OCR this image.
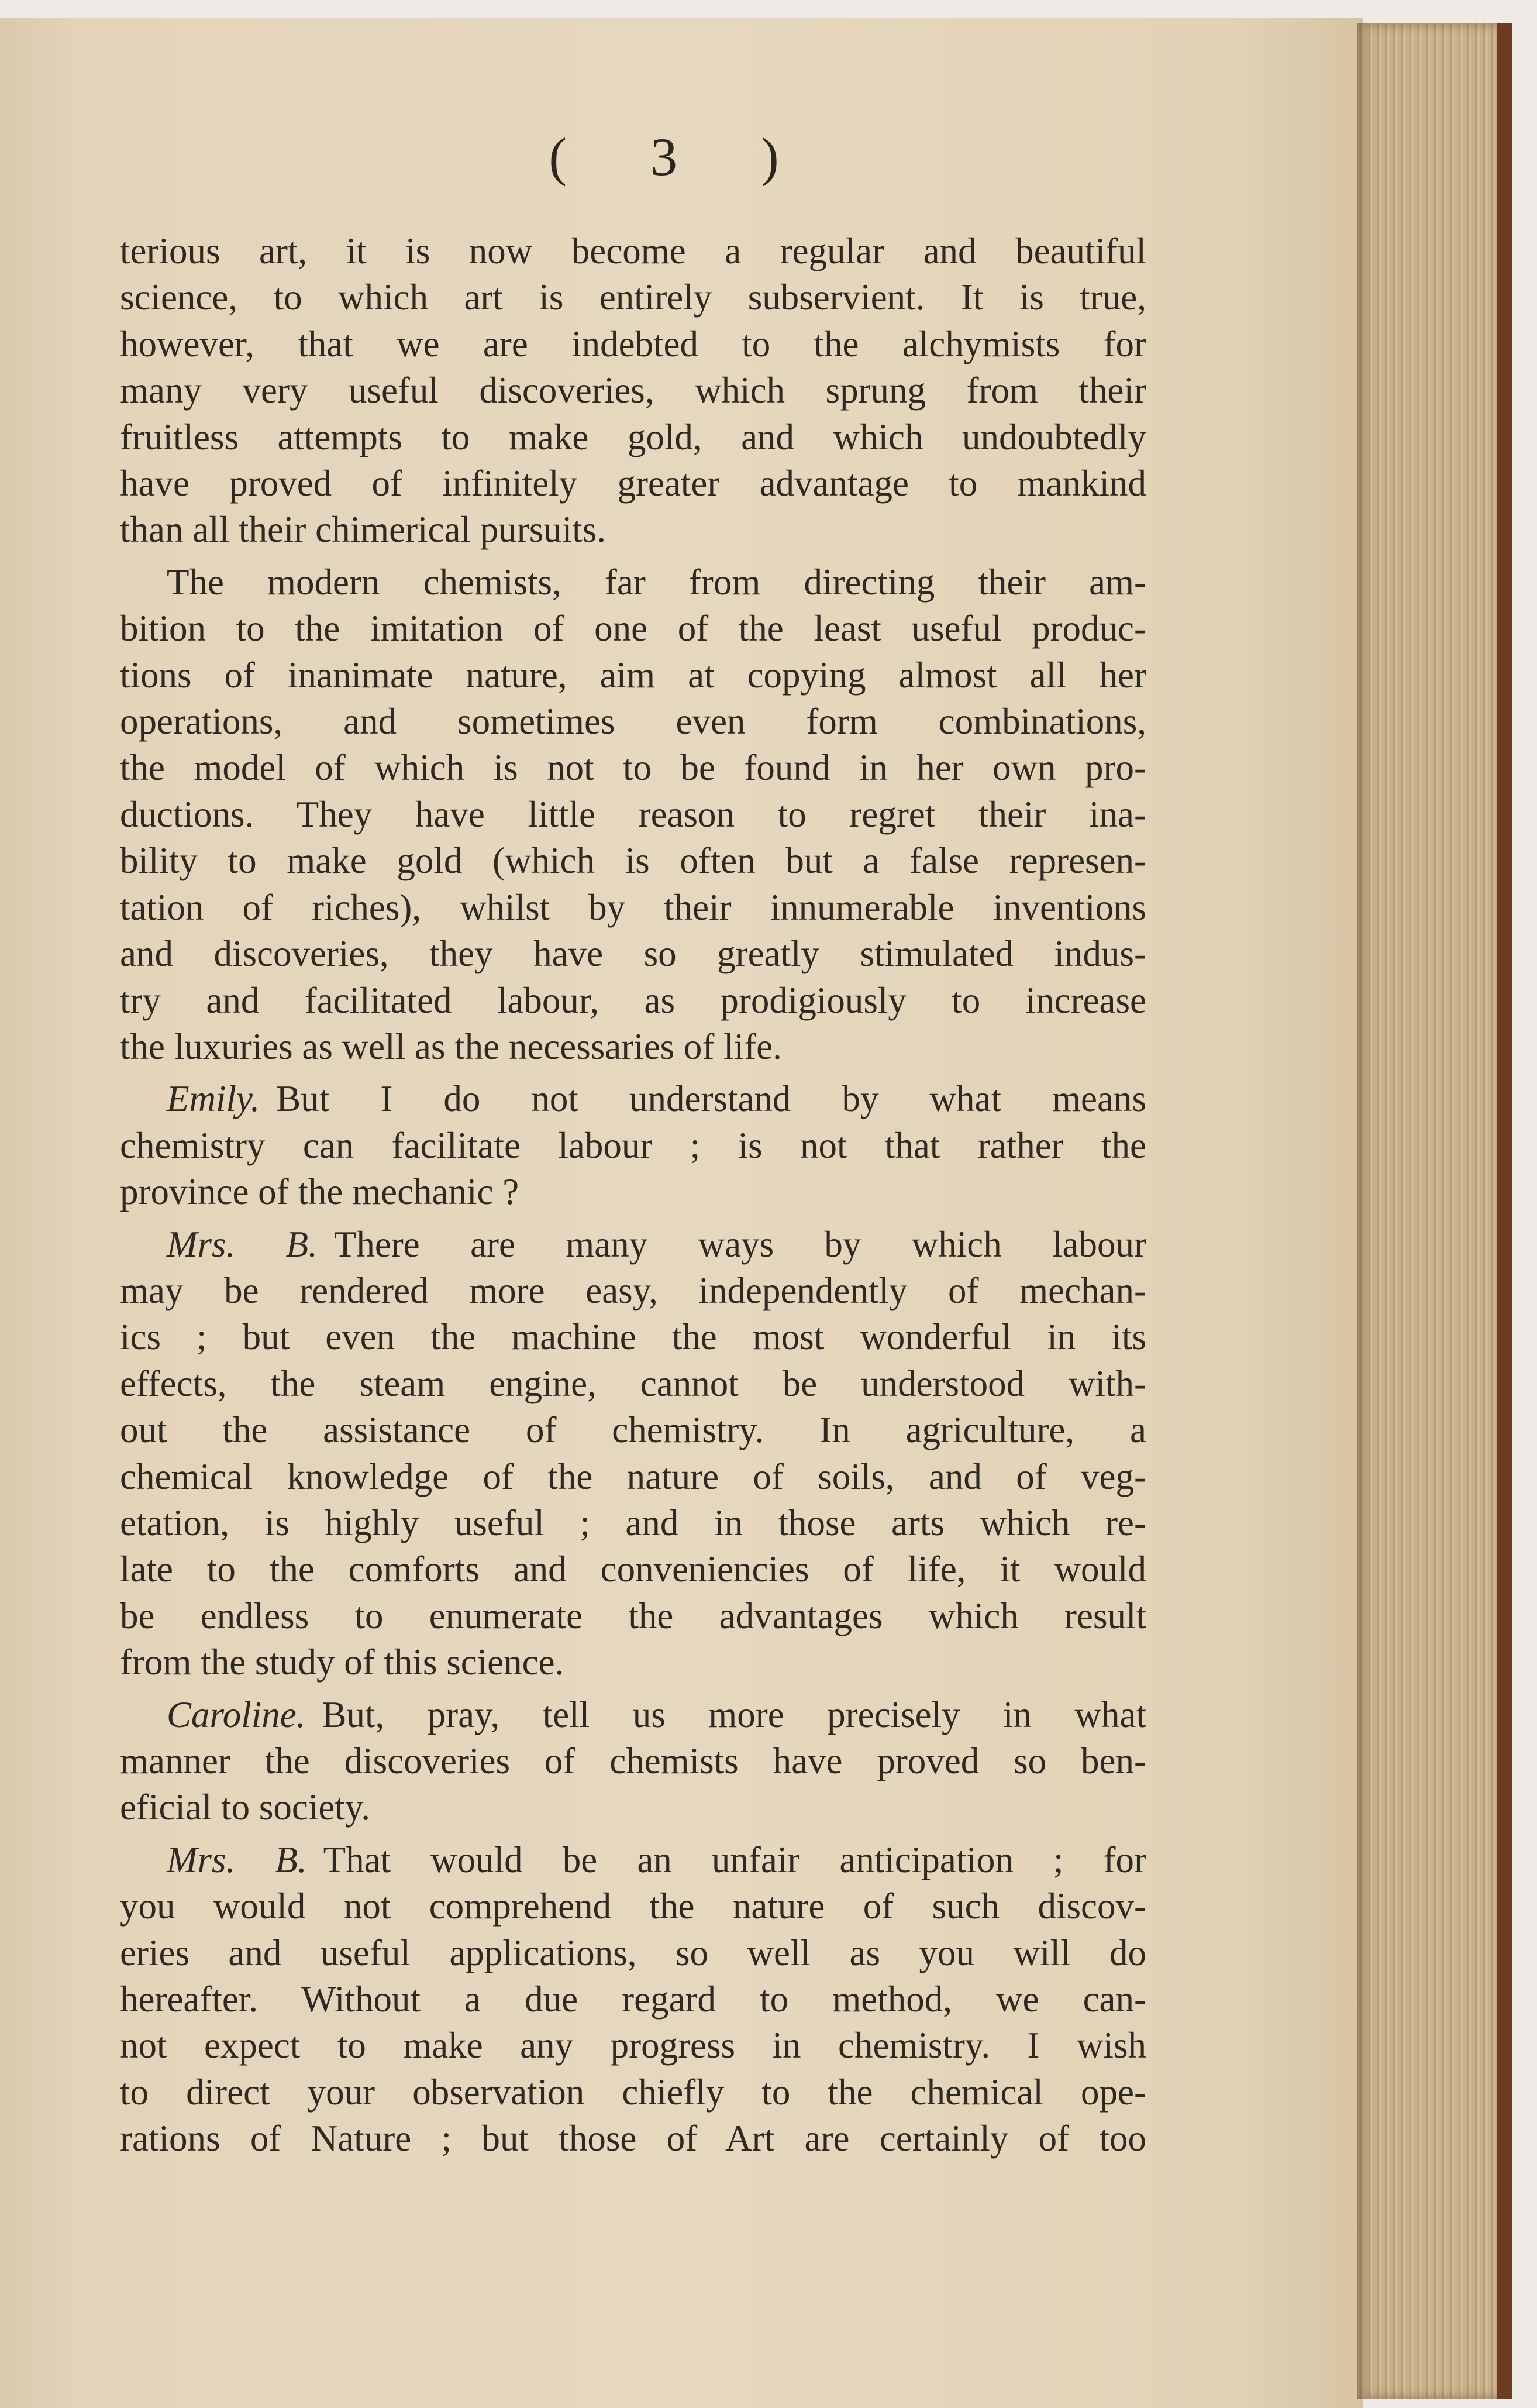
( 3 )
terious art, it is now become a regular and beautiful
science, to which art is entirely subservient. It is true,
however, that we are indebted to the alchymists for
many very useful discoveries, which sprung from their
fruitless attempts to make gold, and which undoubtedly
have proved of infinitely greater advantage to mankind
than all their chimerical pursuits.
The modern chemists, far from directing their am-
bition to the imitation of one of the least useful produc-
tions of inanimate nature, aim at copying almost all her
operations, and sometimes even form combinations,
the model of which is not to be found in her own pro-
ductions. They have little reason to regret their ina-
bility to make gold (which is often but a false represen-
tation of riches), whilst by their innumerable inventions
and discoveries, they have so greatly stimulated indus-
try and facilitated labour, as prodigiously to increase
the luxuries as well as the necessaries of life.
Emily. But I do not understand by what means
chemistry can facilitate labour ; is not that rather the
province of the mechanic ?
Mrs. B. There are many ways by which labour
may be rendered more easy, independently of mechan-
ics ; but even the machine the most wonderful in its
effects, the steam engine, cannot be understood with-
out the assistance of chemistry. In agriculture, a
chemical knowledge of the nature of soils, and of veg-
etation, is highly useful ; and in those arts which re-
late to the comforts and conveniencies of life, it would
be endless to enumerate the advantages which result
from the study of this science.
Caroline. But, pray, tell us more precisely in what
manner the discoveries of chemists have proved so ben-
eficial to society.
Mrs. B. That would be an unfair anticipation ; for
you would not comprehend the nature of such discov-
eries and useful applications, so well as you will do
hereafter. Without a due regard to method, we can-
not expect to make any progress in chemistry. I wish
to direct your observation chiefly to the chemical ope-
rations of Nature ; but those of Art are certainly of too
